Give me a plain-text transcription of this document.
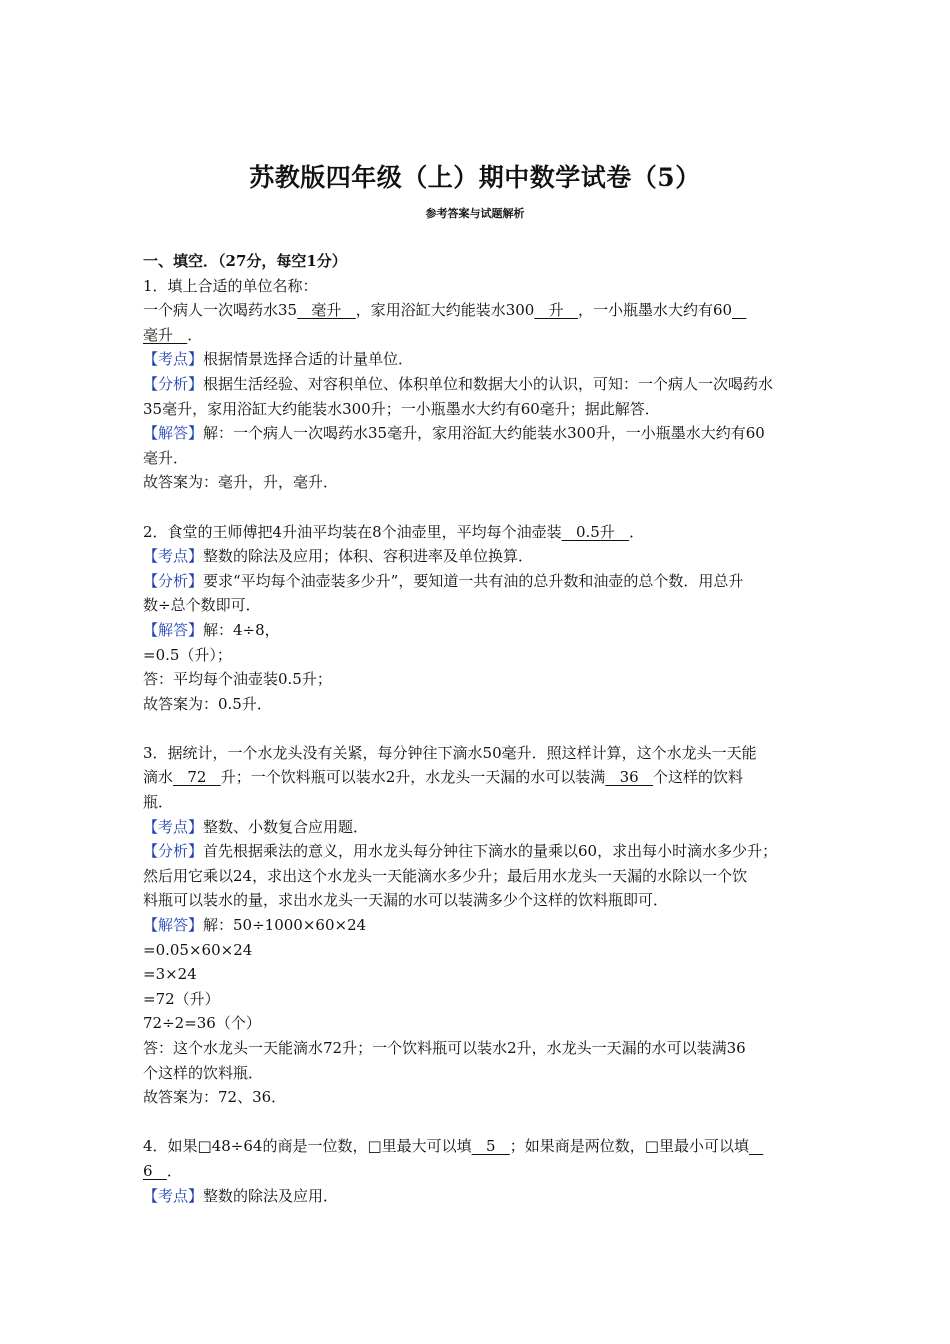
苏教版四年级（上）期中数学试卷（5）
参考答案与试题解析
一、填空．（27分，每空1分）
1．填上合适的单位名称：
一个病人一次喝药水35   毫升   ，家用浴缸大约能装水300   升   ，一小瓶墨水大约有60
毫升   ．
【考点】根据情景选择合适的计量单位．
【分析】根据生活经验、对容积单位、体积单位和数据大小的认识，可知：一个病人一次喝药水
35毫升，家用浴缸大约能装水300升；一小瓶墨水大约有60毫升；据此解答．
【解答】解：一个病人一次喝药水35毫升，家用浴缸大约能装水300升，一小瓶墨水大约有60
毫升．
故答案为：毫升，升，毫升．
2．食堂的王师傅把4升油平均装在8个油壶里，平均每个油壶装   0.5升   ．
【考点】整数的除法及应用；体积、容积进率及单位换算．
【分析】要求“平均每个油壶装多少升”，要知道一共有油的总升数和油壶的总个数．用总升
数÷总个数即可．
【解答】解：4÷8，
=0.5（升）；
答：平均每个油壶装0.5升；
故答案为：0.5升．
3．据统计，一个水龙头没有关紧，每分钟往下滴水50毫升．照这样计算，这个水龙头一天能
滴水   72   升；一个饮料瓶可以装水2升，水龙头一天漏的水可以装满   36   个这样的饮料
瓶．
【考点】整数、小数复合应用题．
【分析】首先根据乘法的意义，用水龙头每分钟往下滴水的量乘以60，求出每小时滴水多少升；
然后用它乘以24，求出这个水龙头一天能滴水多少升；最后用水龙头一天漏的水除以一个饮
料瓶可以装水的量，求出水龙头一天漏的水可以装满多少个这样的饮料瓶即可．
【解答】解：50÷1000×60×24
=0.05×60×24
=3×24
=72（升）
72÷2=36（个）
答：这个水龙头一天能滴水72升；一个饮料瓶可以装水2升，水龙头一天漏的水可以装满36
个这样的饮料瓶．
故答案为：72、36．
4．如果□48÷64的商是一位数，□里最大可以填   5   ；如果商是两位数，□里最小可以填
6   ．
【考点】整数的除法及应用．
